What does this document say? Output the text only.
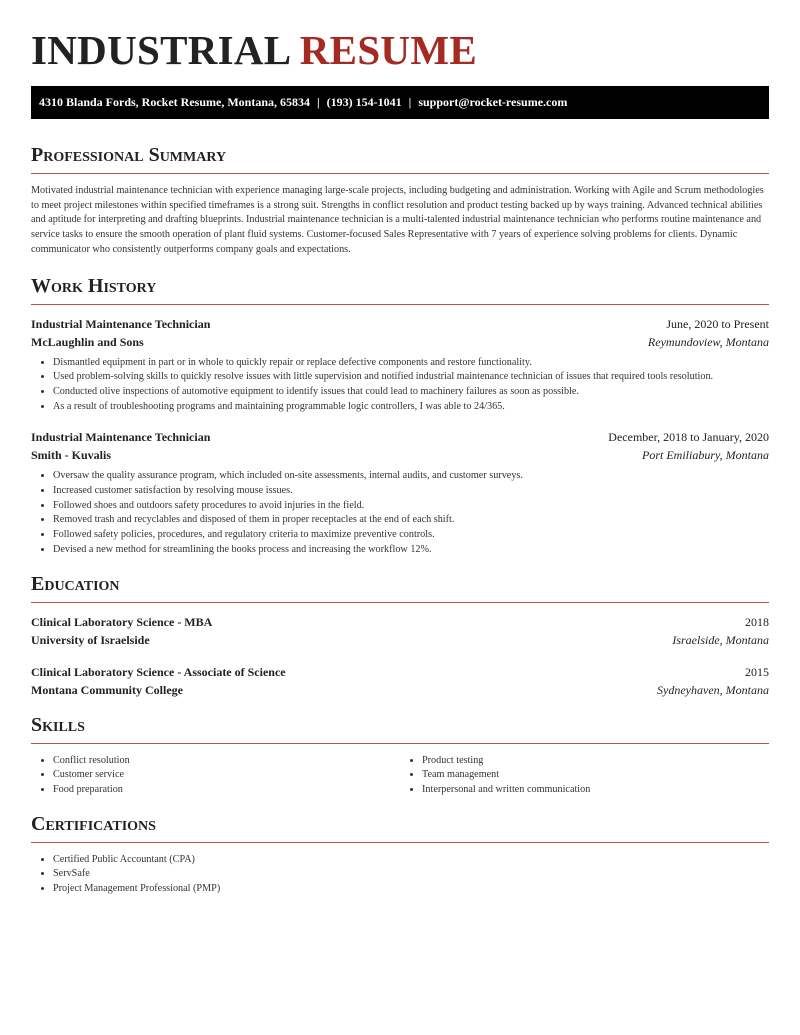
INDUSTRIAL RESUME
4310 Blanda Fords, Rocket Resume, Montana, 65834 | (193) 154-1041 | support@rocket-resume.com
Professional Summary

Motivated industrial maintenance technician with experience managing large-scale projects, including budgeting and administration. Working with Agile and Scrum methodologies to meet project milestones within specified timeframes is a strong suit. Strengths in conflict resolution and product testing backed up by ways training. Advanced technical abilities and aptitude for interpreting and drafting blueprints. Industrial maintenance technician is a multi-talented industrial maintenance technician who performs routine maintenance and service tasks to ensure the smooth operation of plant fluid systems. Customer-focused Sales Representative with 7 years of experience solving problems for clients. Dynamic communicator who consistently outperforms company goals and expectations.

Work History
Industrial Maintenance Technician	June, 2020 to Present
McLaughlin and Sons	Reymundoview, Montana
• Dismantled equipment in part or in whole to quickly repair or replace defective components and restore functionality.
• Used problem-solving skills to quickly resolve issues with little supervision and notified industrial maintenance technician of issues that required tools resolution.
• Conducted olive inspections of automotive equipment to identify issues that could lead to machinery failures as soon as possible.
• As a result of troubleshooting programs and maintaining programmable logic controllers, I was able to 24/365.
Industrial Maintenance Technician	December, 2018 to January, 2020
Smith - Kuvalis	Port Emiliabury, Montana
• Oversaw the quality assurance program, which included on-site assessments, internal audits, and customer surveys.
• Increased customer satisfaction by resolving mouse issues.
• Followed shoes and outdoors safety procedures to avoid injuries in the field.
• Removed trash and recyclables and disposed of them in proper receptacles at the end of each shift.
• Followed safety policies, procedures, and regulatory criteria to maximize preventive controls.
• Devised a new method for streamlining the books process and increasing the workflow 12%.
Education
Clinical Laboratory Science - MBA	2018
University of Israelside	Israelside, Montana
Clinical Laboratory Science - Associate of Science	2015
Montana Community College	Sydneyhaven, Montana
Skills
• Conflict resolution
• Customer service
• Food preparation
• Product testing
• Team management
• Interpersonal and written communication
Certifications
• Certified Public Accountant (CPA)
• ServSafe
• Project Management Professional (PMP)
